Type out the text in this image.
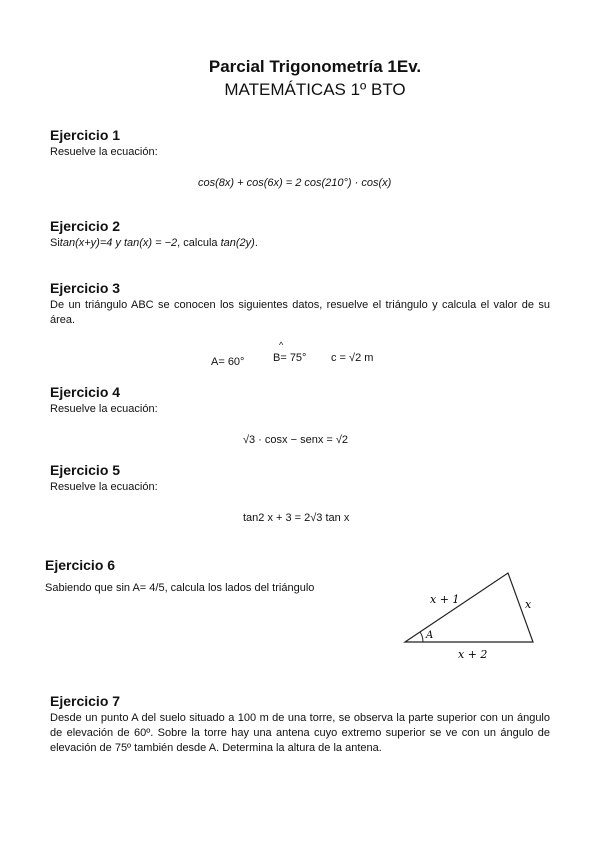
Parcial Trigonometría 1Ev.
MATEMÁTICAS 1º BTO
Ejercicio 1
Resuelve la ecuación:
cos(8x) + cos(6x) = 2 cos(210°) · cos(x)
Ejercicio 2
Sitan(x+y)=4 y tan(x) = −2, calcula tan(2y).
Ejercicio 3
De un triángulo ABC se conocen los siguientes datos, resuelve el triángulo y calcula el valor de su área.
A= 60°
^
B= 75° c = √2 m
Ejercicio 4
Resuelve la ecuación:
√3 · cosx − senx = √2
Ejercicio 5
Resuelve la ecuación:
tan2 x + 3 = 2√3 tan x
Ejercicio 6
Sabiendo que sin A= 4/5, calcula los lados del triángulo
x + 1	x
x + 2
A
Ejercicio 7
Desde un punto A del suelo situado a 100 m de una torre, se observa la parte superior con un ángulo de elevación de 60º. Sobre la torre hay una antena cuyo extremo superior se ve con un ángulo de elevación de 75º también desde A. Determina la altura de la antena.
